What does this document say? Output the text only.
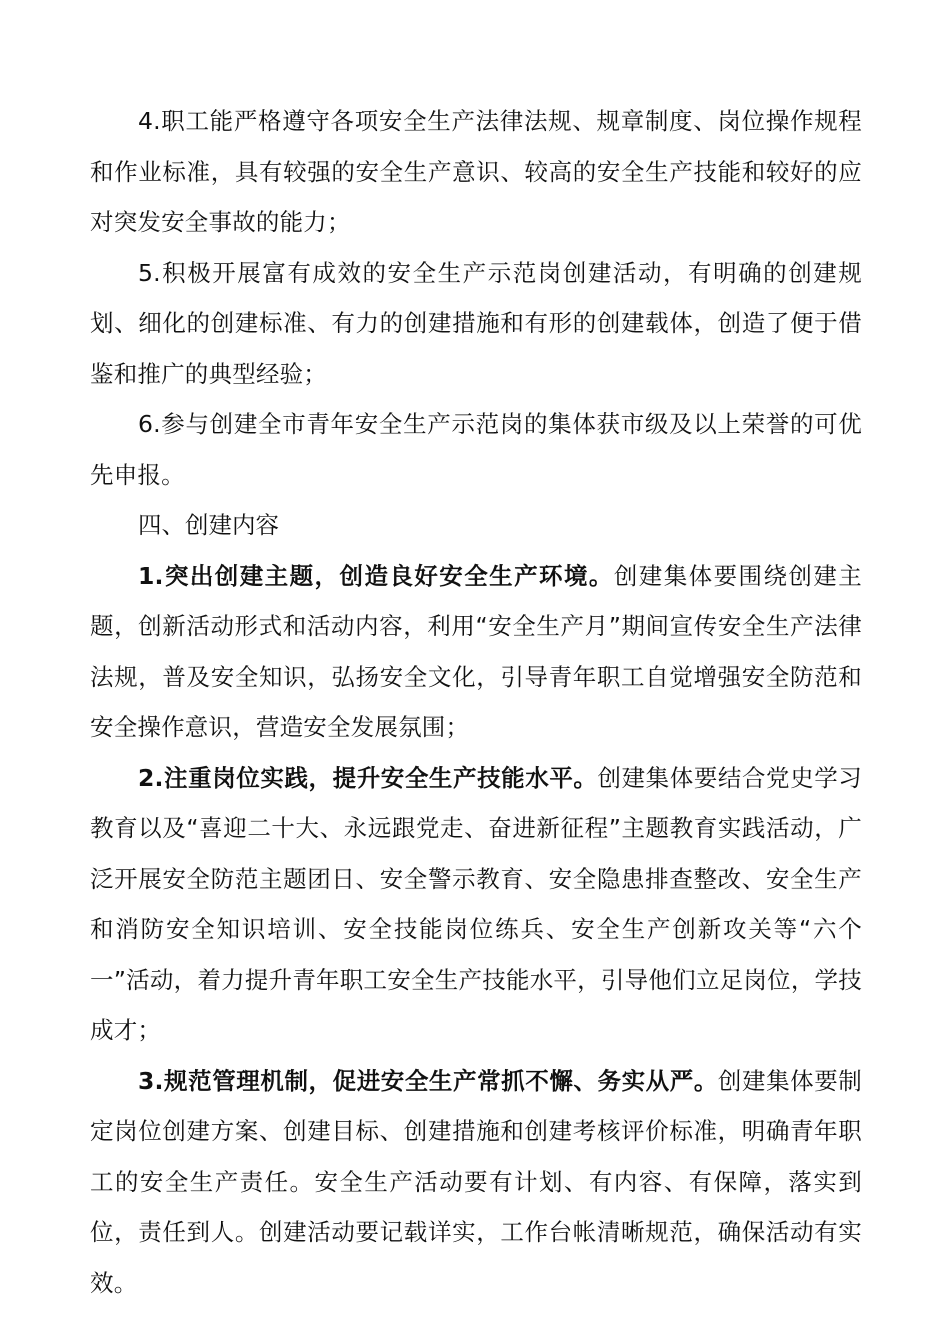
4.职工能严格遵守各项安全生产法律法规、规章制度、岗位操作规程和作业标准，具有较强的安全生产意识、较高的安全生产技能和较好的应对突发安全事故的能力；

5.积极开展富有成效的安全生产示范岗创建活动，有明确的创建规划、细化的创建标准、有力的创建措施和有形的创建载体，创造了便于借鉴和推广的典型经验；

6.参与创建全市青年安全生产示范岗的集体获市级及以上荣誉的可优先申报。

四、创建内容

1.突出创建主题，创造良好安全生产环境。创建集体要围绕创建主题，创新活动形式和活动内容，利用“安全生产月”期间宣传安全生产法律法规，普及安全知识，弘扬安全文化，引导青年职工自觉增强安全防范和安全操作意识，营造安全发展氛围；

2.注重岗位实践，提升安全生产技能水平。创建集体要结合党史学习教育以及“喜迎二十大、永远跟党走、奋进新征程”主题教育实践活动，广泛开展安全防范主题团日、安全警示教育、安全隐患排查整改、安全生产和消防安全知识培训、安全技能岗位练兵、安全生产创新攻关等“六个一”活动，着力提升青年职工安全生产技能水平，引导他们立足岗位，学技成才；

3.规范管理机制，促进安全生产常抓不懈、务实从严。创建集体要制定岗位创建方案、创建目标、创建措施和创建考核评价标准，明确青年职工的安全生产责任。安全生产活动要有计划、有内容、有保障，落实到位，责任到人。创建活动要记载详实，工作台帐清晰规范，确保活动有实效。
